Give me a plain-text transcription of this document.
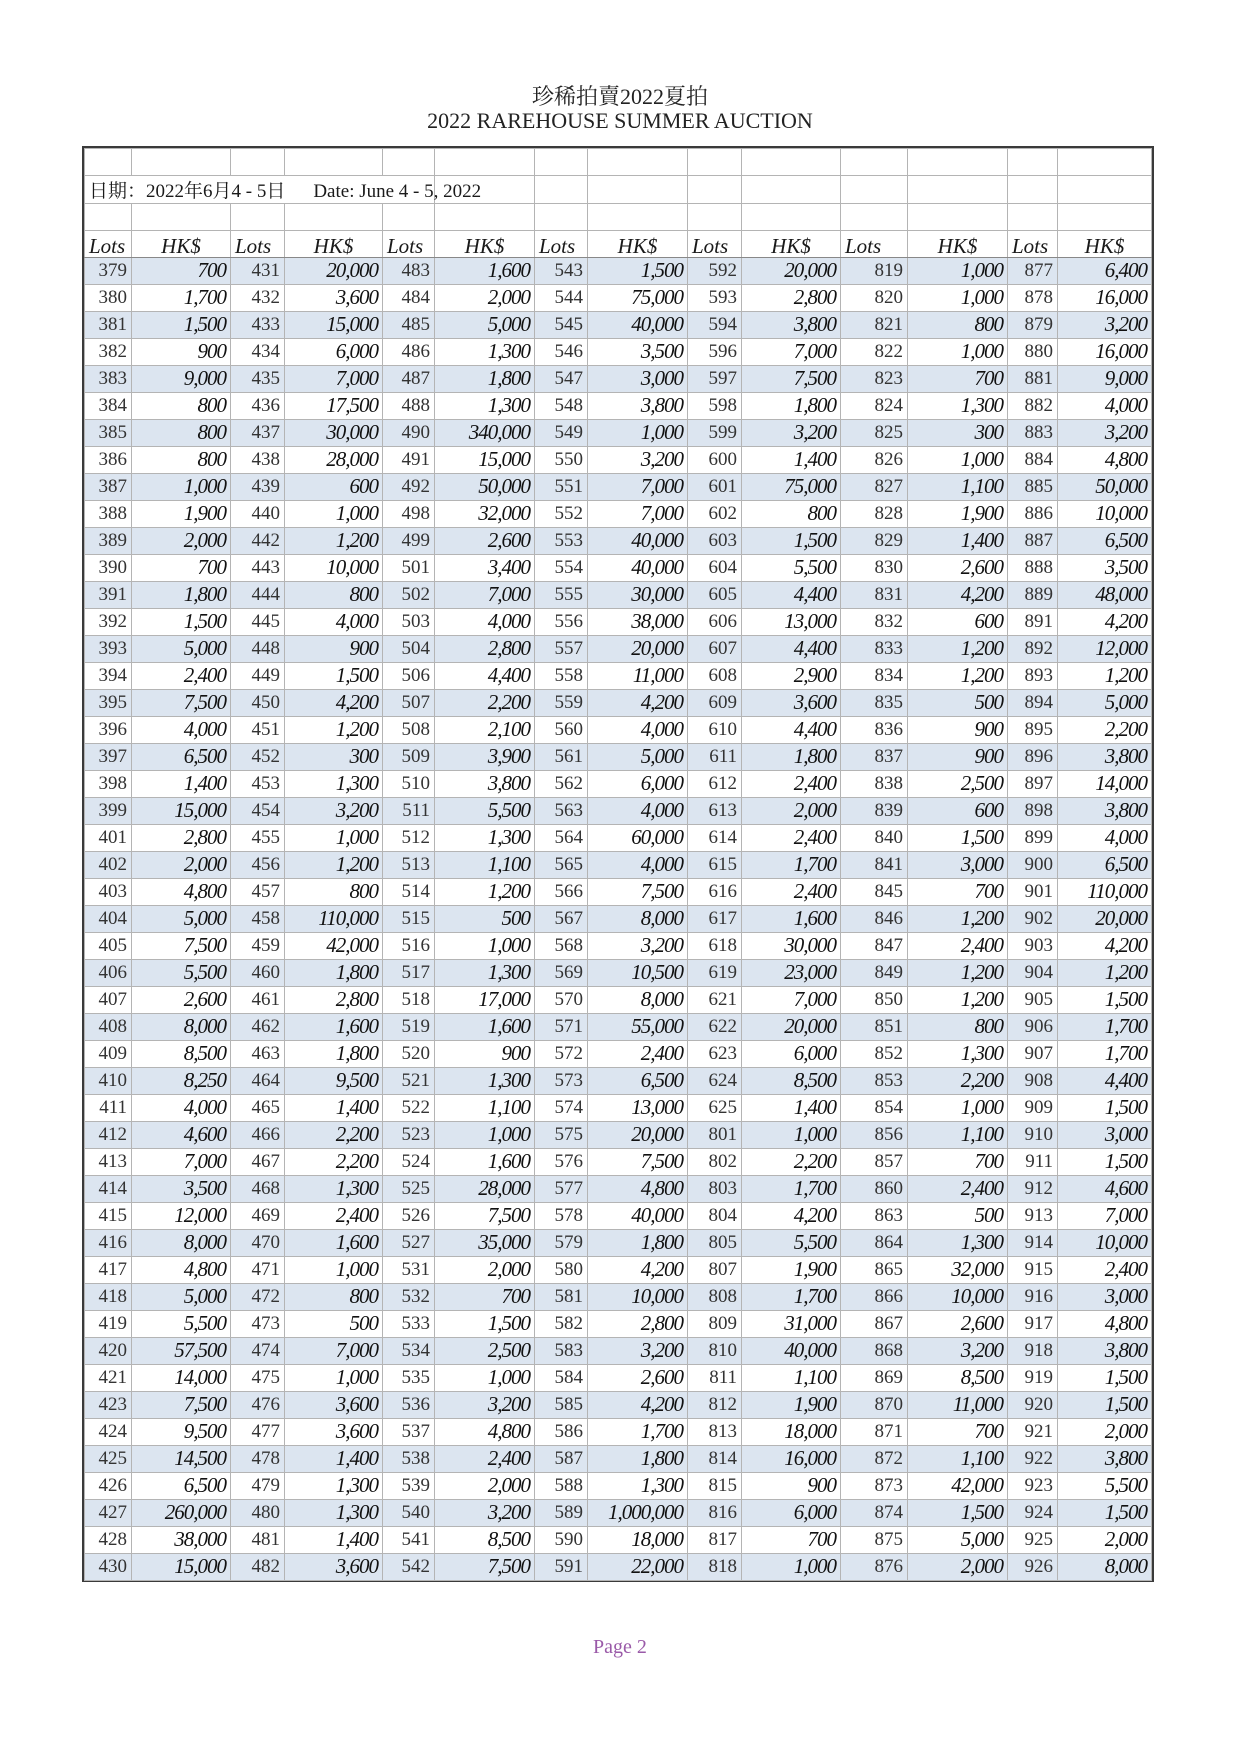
珍稀拍賣2022夏拍
2022 RAREHOUSE SUMMER AUCTION

日期：2022年6月4 - 5日 Date: June 4 - 5, 2022													

Lots	HK$	Lots	HK$	Lots	HK$	Lots	HK$	Lots	HK$	Lots	HK$	Lots	HK$
379	700	431	20,000	483	1,600	543	1,500	592	20,000	819	1,000	877	6,400
380	1,700	432	3,600	484	2,000	544	75,000	593	2,800	820	1,000	878	16,000
381	1,500	433	15,000	485	5,000	545	40,000	594	3,800	821	800	879	3,200
382	900	434	6,000	486	1,300	546	3,500	596	7,000	822	1,000	880	16,000
383	9,000	435	7,000	487	1,800	547	3,000	597	7,500	823	700	881	9,000
384	800	436	17,500	488	1,300	548	3,800	598	1,800	824	1,300	882	4,000
385	800	437	30,000	490	340,000	549	1,000	599	3,200	825	300	883	3,200
386	800	438	28,000	491	15,000	550	3,200	600	1,400	826	1,000	884	4,800
387	1,000	439	600	492	50,000	551	7,000	601	75,000	827	1,100	885	50,000
388	1,900	440	1,000	498	32,000	552	7,000	602	800	828	1,900	886	10,000
389	2,000	442	1,200	499	2,600	553	40,000	603	1,500	829	1,400	887	6,500
390	700	443	10,000	501	3,400	554	40,000	604	5,500	830	2,600	888	3,500
391	1,800	444	800	502	7,000	555	30,000	605	4,400	831	4,200	889	48,000
392	1,500	445	4,000	503	4,000	556	38,000	606	13,000	832	600	891	4,200
393	5,000	448	900	504	2,800	557	20,000	607	4,400	833	1,200	892	12,000
394	2,400	449	1,500	506	4,400	558	11,000	608	2,900	834	1,200	893	1,200
395	7,500	450	4,200	507	2,200	559	4,200	609	3,600	835	500	894	5,000
396	4,000	451	1,200	508	2,100	560	4,000	610	4,400	836	900	895	2,200
397	6,500	452	300	509	3,900	561	5,000	611	1,800	837	900	896	3,800
398	1,400	453	1,300	510	3,800	562	6,000	612	2,400	838	2,500	897	14,000
399	15,000	454	3,200	511	5,500	563	4,000	613	2,000	839	600	898	3,800
401	2,800	455	1,000	512	1,300	564	60,000	614	2,400	840	1,500	899	4,000
402	2,000	456	1,200	513	1,100	565	4,000	615	1,700	841	3,000	900	6,500
403	4,800	457	800	514	1,200	566	7,500	616	2,400	845	700	901	110,000
404	5,000	458	110,000	515	500	567	8,000	617	1,600	846	1,200	902	20,000
405	7,500	459	42,000	516	1,000	568	3,200	618	30,000	847	2,400	903	4,200
406	5,500	460	1,800	517	1,300	569	10,500	619	23,000	849	1,200	904	1,200
407	2,600	461	2,800	518	17,000	570	8,000	621	7,000	850	1,200	905	1,500
408	8,000	462	1,600	519	1,600	571	55,000	622	20,000	851	800	906	1,700
409	8,500	463	1,800	520	900	572	2,400	623	6,000	852	1,300	907	1,700
410	8,250	464	9,500	521	1,300	573	6,500	624	8,500	853	2,200	908	4,400
411	4,000	465	1,400	522	1,100	574	13,000	625	1,400	854	1,000	909	1,500
412	4,600	466	2,200	523	1,000	575	20,000	801	1,000	856	1,100	910	3,000
413	7,000	467	2,200	524	1,600	576	7,500	802	2,200	857	700	911	1,500
414	3,500	468	1,300	525	28,000	577	4,800	803	1,700	860	2,400	912	4,600
415	12,000	469	2,400	526	7,500	578	40,000	804	4,200	863	500	913	7,000
416	8,000	470	1,600	527	35,000	579	1,800	805	5,500	864	1,300	914	10,000
417	4,800	471	1,000	531	2,000	580	4,200	807	1,900	865	32,000	915	2,400
418	5,000	472	800	532	700	581	10,000	808	1,700	866	10,000	916	3,000
419	5,500	473	500	533	1,500	582	2,800	809	31,000	867	2,600	917	4,800
420	57,500	474	7,000	534	2,500	583	3,200	810	40,000	868	3,200	918	3,800
421	14,000	475	1,000	535	1,000	584	2,600	811	1,100	869	8,500	919	1,500
423	7,500	476	3,600	536	3,200	585	4,200	812	1,900	870	11,000	920	1,500
424	9,500	477	3,600	537	4,800	586	1,700	813	18,000	871	700	921	2,000
425	14,500	478	1,400	538	2,400	587	1,800	814	16,000	872	1,100	922	3,800
426	6,500	479	1,300	539	2,000	588	1,300	815	900	873	42,000	923	5,500
427	260,000	480	1,300	540	3,200	589	1,000,000	816	6,000	874	1,500	924	1,500
428	38,000	481	1,400	541	8,500	590	18,000	817	700	875	5,000	925	2,000
430	15,000	482	3,600	542	7,500	591	22,000	818	1,000	876	2,000	926	8,000
Page 2
